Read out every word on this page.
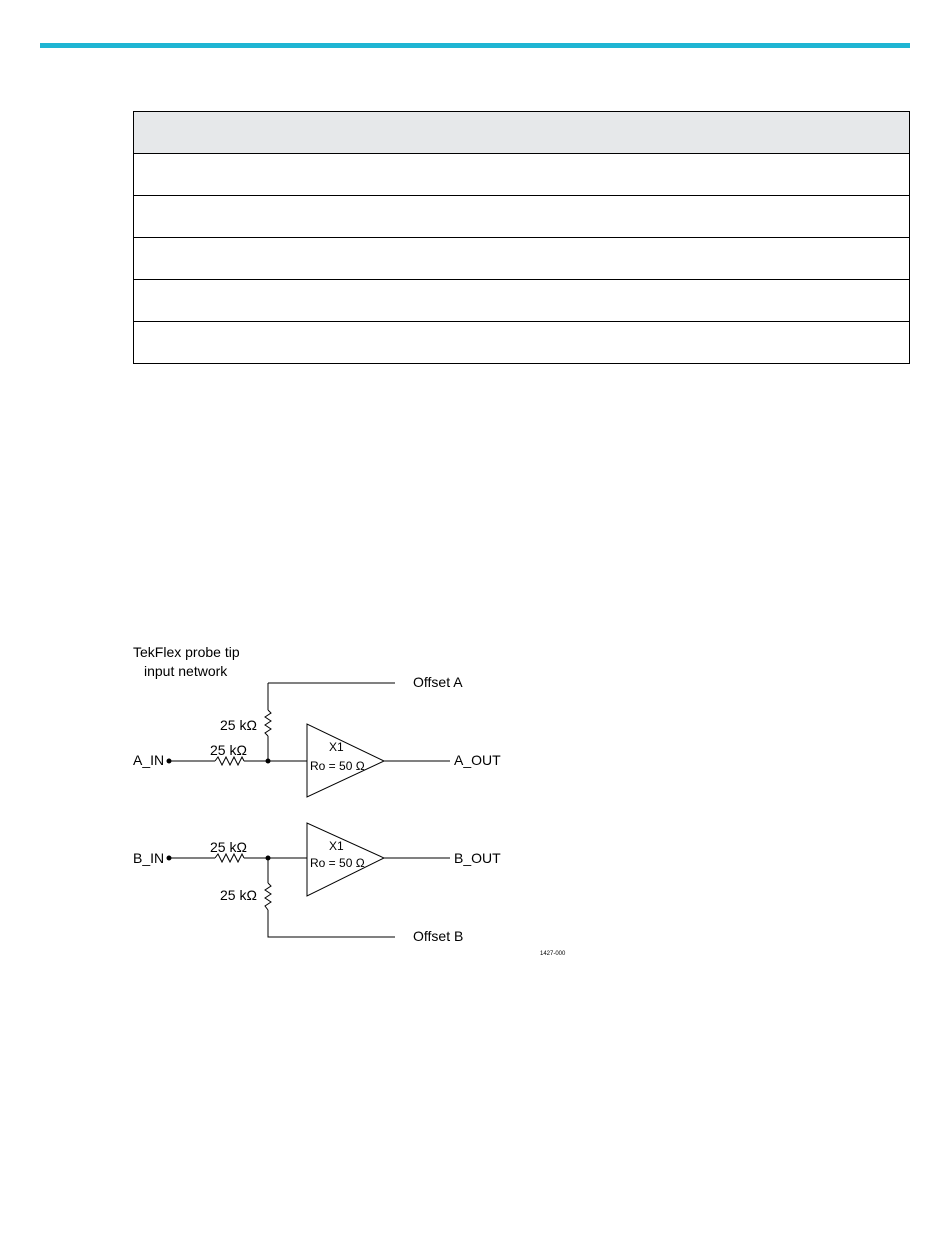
TekFlex probe tip
input network
Offset A
25 kΩ
25 kΩ
A_IN
X1
Ro = 50 Ω	A_OUT
25 kΩ
B_IN
X1
Ro = 50 Ω	B_OUT
25 kΩ
Offset B
1427-000
